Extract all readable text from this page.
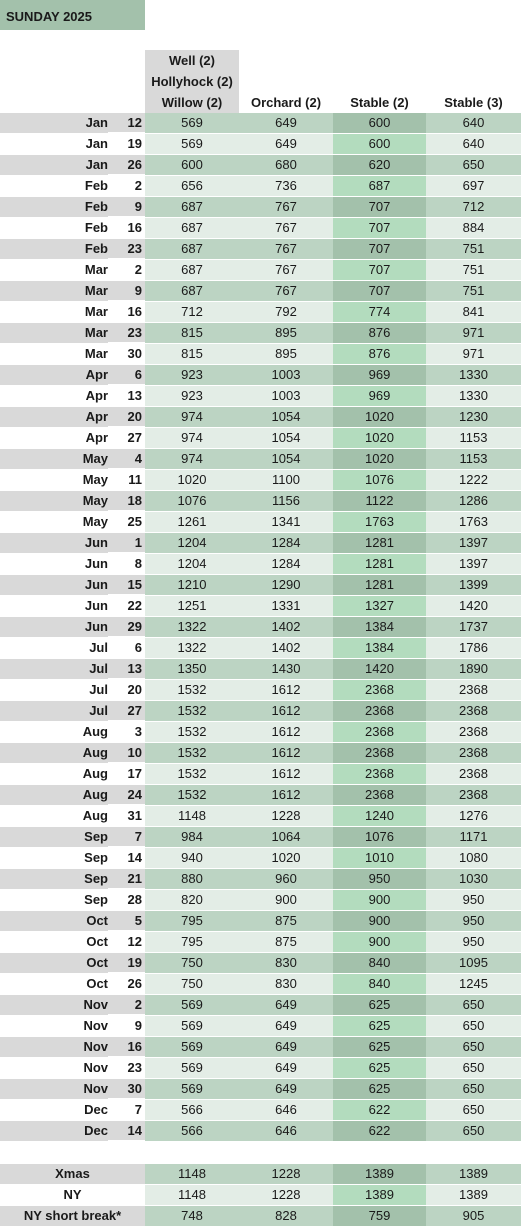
SUNDAY 2025
Well (2)
Hollyhock (2)
Willow (2)	Orchard (2)	Stable (2)	Stable (3)
Jan	12	569	649	600	640
Jan	19	569	649	600	640
Jan	26	600	680	620	650
Feb	2	656	736	687	697
Feb	9	687	767	707	712
Feb	16	687	767	707	884
Feb	23	687	767	707	751
Mar	2	687	767	707	751
Mar	9	687	767	707	751
Mar	16	712	792	774	841
Mar	23	815	895	876	971
Mar	30	815	895	876	971
Apr	6	923	1003	969	1330
Apr	13	923	1003	969	1330
Apr	20	974	1054	1020	1230
Apr	27	974	1054	1020	1153
May	4	974	1054	1020	1153
May	11	1020	1100	1076	1222
May	18	1076	1156	1122	1286
May	25	1261	1341	1763	1763
Jun	1	1204	1284	1281	1397
Jun	8	1204	1284	1281	1397
Jun	15	1210	1290	1281	1399
Jun	22	1251	1331	1327	1420
Jun	29	1322	1402	1384	1737
Jul	6	1322	1402	1384	1786
Jul	13	1350	1430	1420	1890
Jul	20	1532	1612	2368	2368
Jul	27	1532	1612	2368	2368
Aug	3	1532	1612	2368	2368
Aug	10	1532	1612	2368	2368
Aug	17	1532	1612	2368	2368
Aug	24	1532	1612	2368	2368
Aug	31	1148	1228	1240	1276
Sep	7	984	1064	1076	1171
Sep	14	940	1020	1010	1080
Sep	21	880	960	950	1030
Sep	28	820	900	900	950
Oct	5	795	875	900	950
Oct	12	795	875	900	950
Oct	19	750	830	840	1095
Oct	26	750	830	840	1245
Nov	2	569	649	625	650
Nov	9	569	649	625	650
Nov	16	569	649	625	650
Nov	23	569	649	625	650
Nov	30	569	649	625	650
Dec	7	566	646	622	650
Dec	14	566	646	622	650
Xmas	1148	1228	1389	1389
NY	1148	1228	1389	1389
NY short break*	748	828	759	905
